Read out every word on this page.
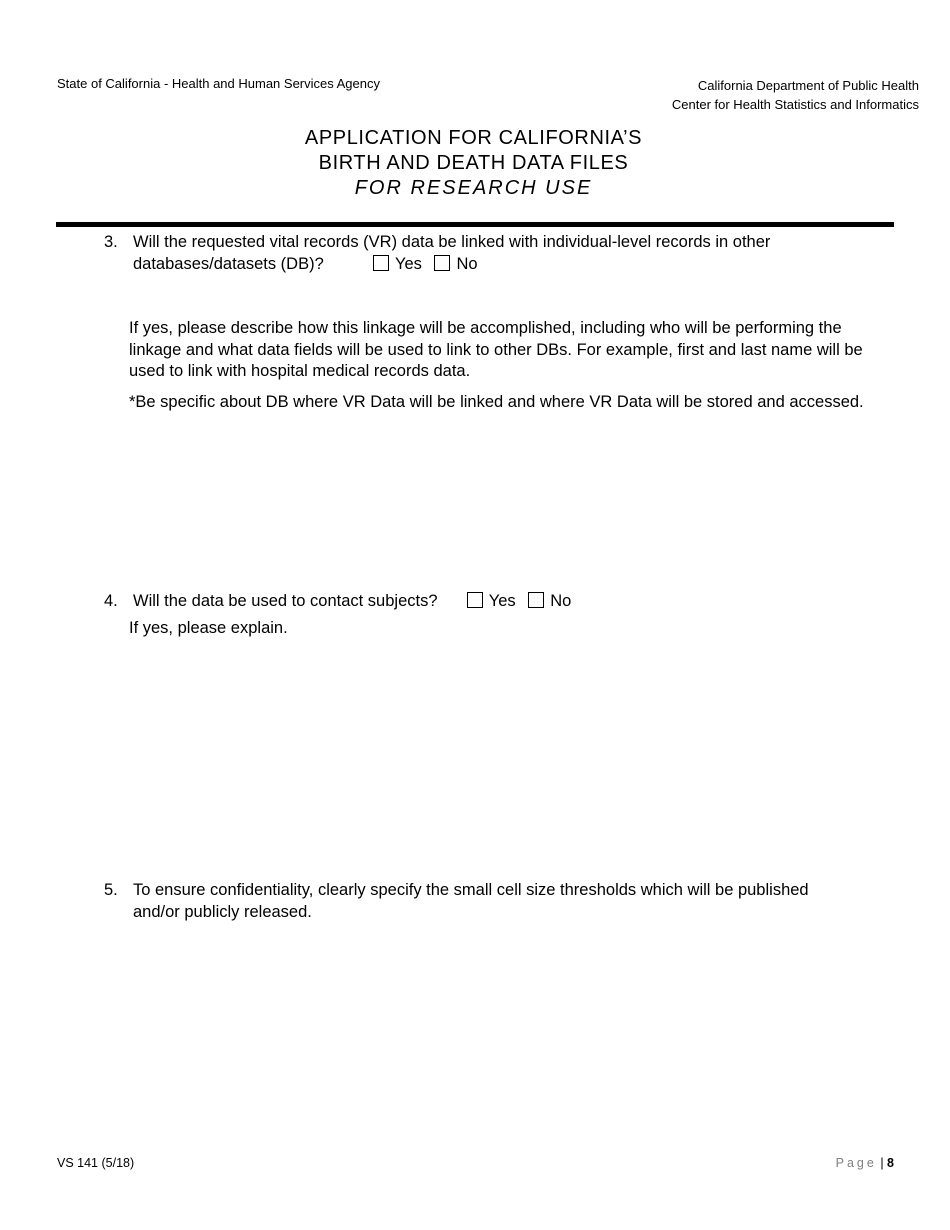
State of California - Health and Human Services Agency	California Department of Public Health
Center for Health Statistics and Informatics
APPLICATION FOR CALIFORNIA’S
BIRTH AND DEATH DATA FILES
FOR RESEARCH USE
3. Will the requested vital records (VR) data be linked with individual-level records in other
databases/datasets (DB)?	Yes No
If yes, please describe how this linkage will be accomplished, including who will be performing the linkage and what data fields will be used to link to other DBs. For example, first and last name will be used to link with hospital medical records data.
*Be specific about DB where VR Data will be linked and where VR Data will be stored and accessed.
4. Will the data be used to contact subjects?	Yes No
If yes, please explain.
5. To ensure confidentiality, clearly specify the small cell size thresholds which will be published and/or publicly released.
VS 141 (5/18)	Page | 8
